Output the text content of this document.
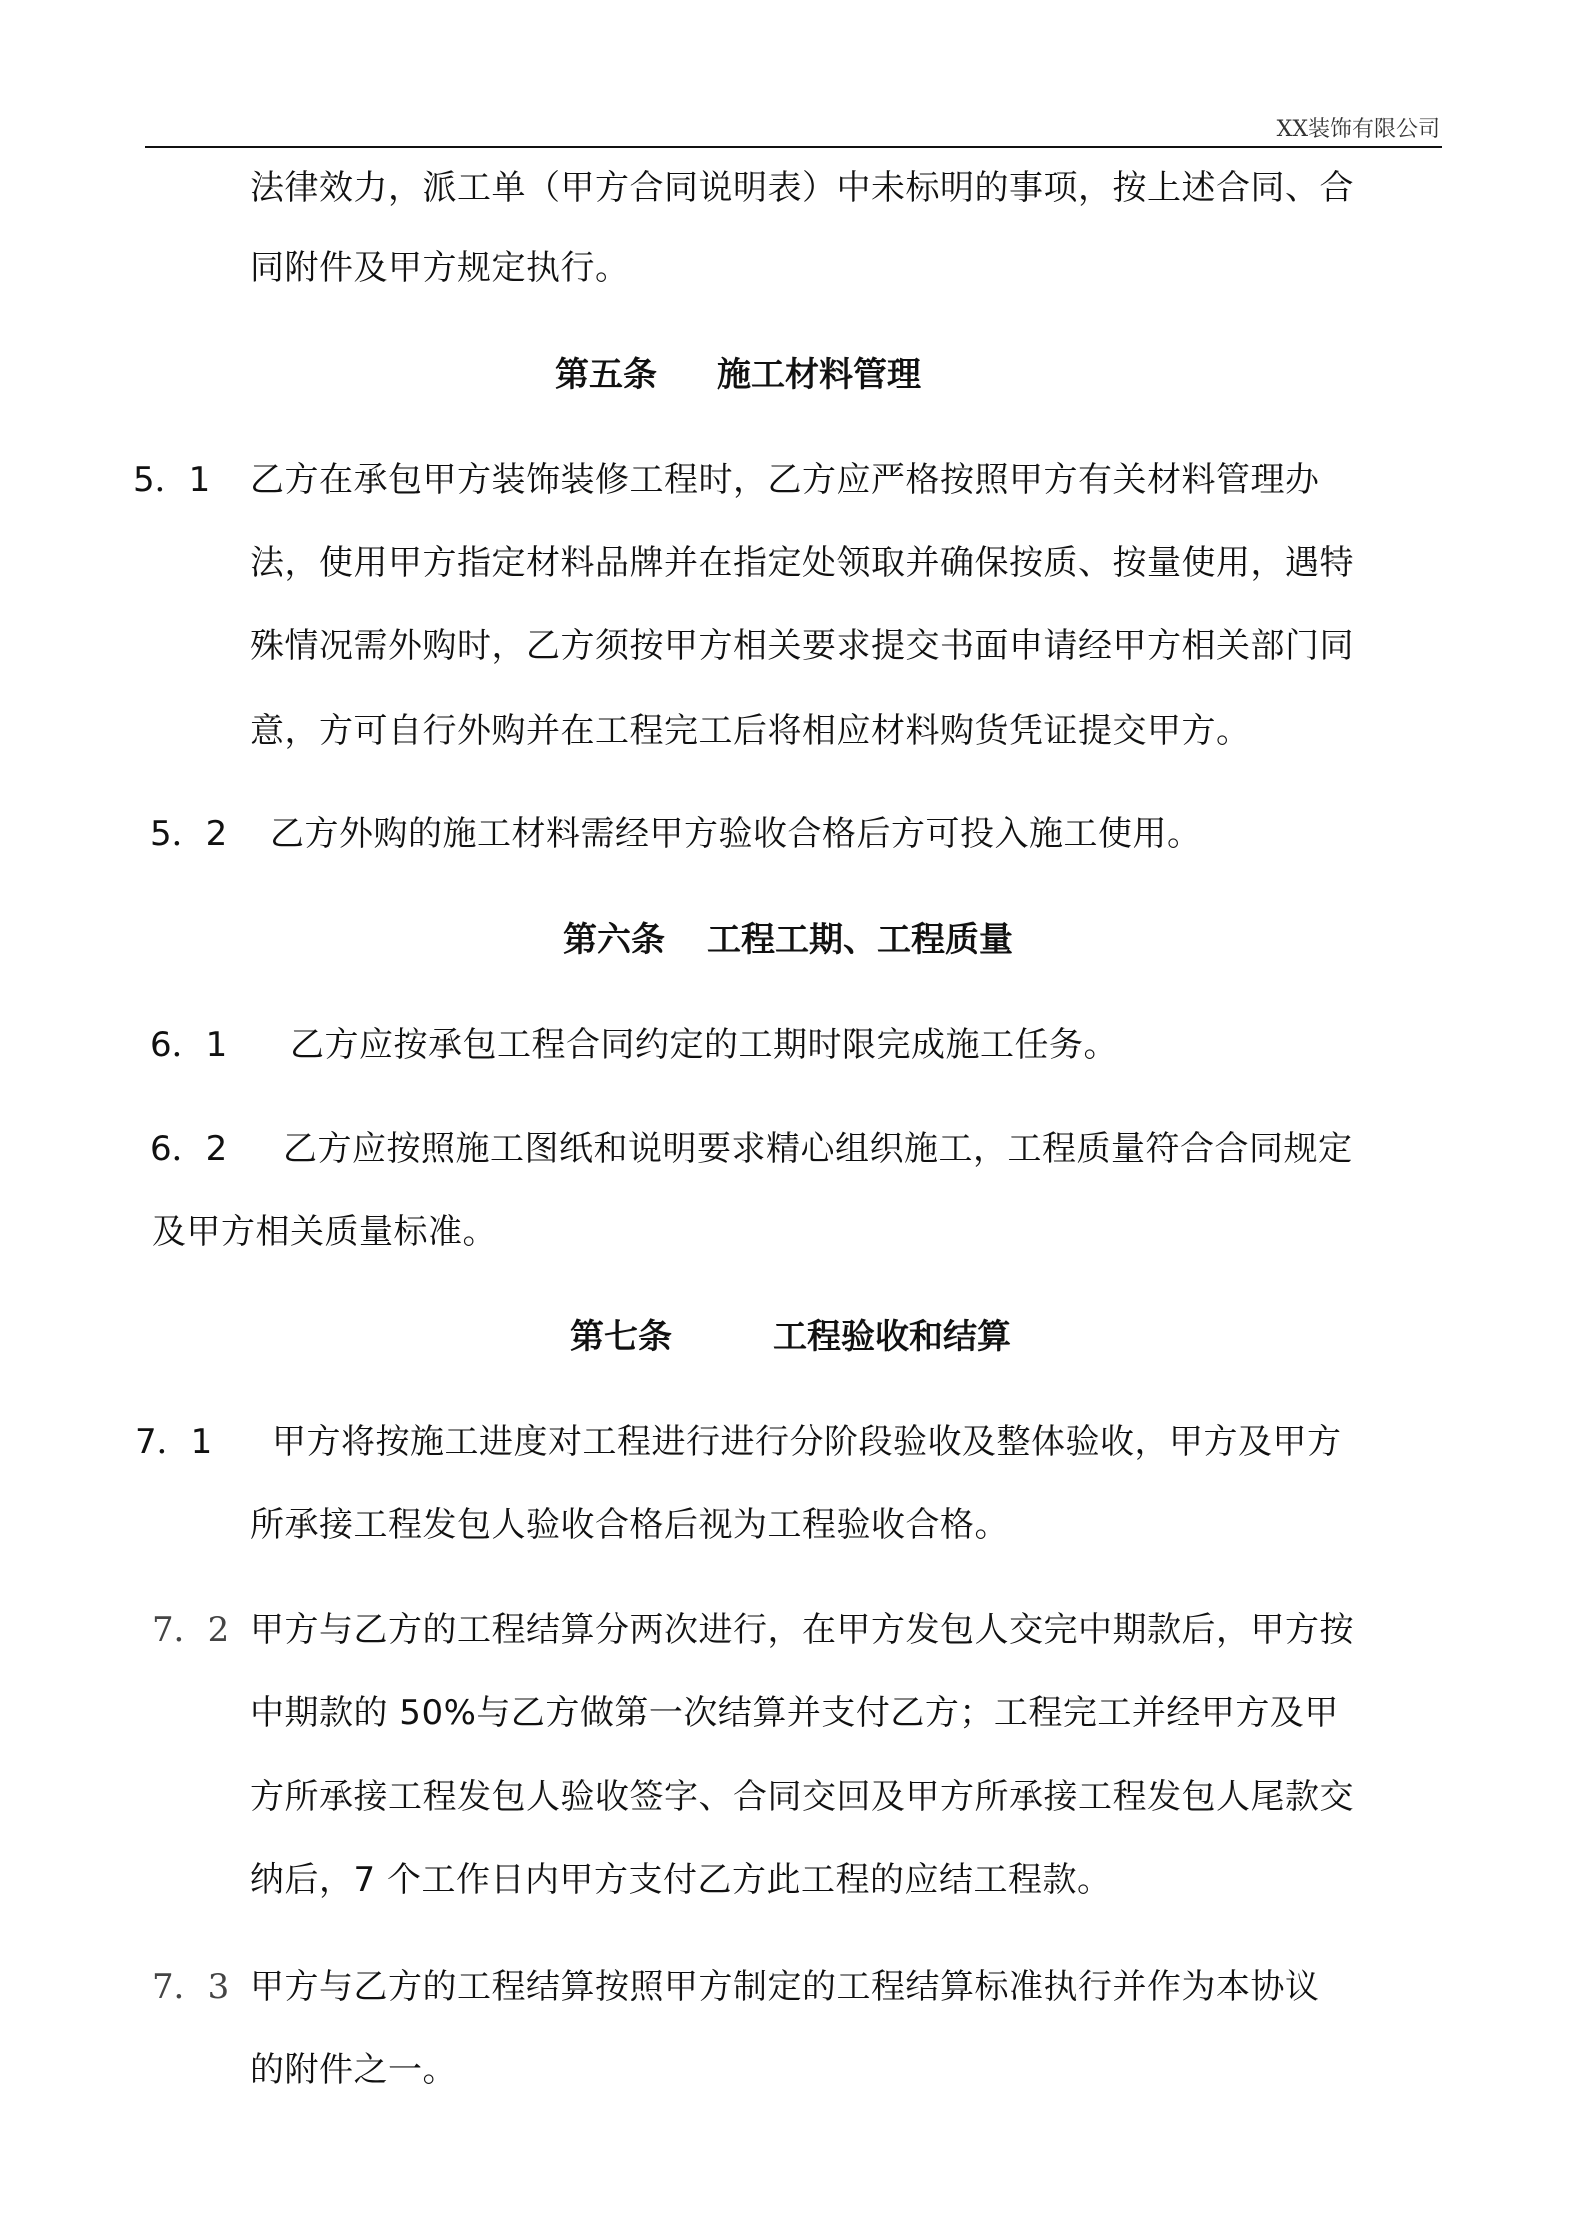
XX装饰有限公司
法律效力，派工单（甲方合同说明表）中未标明的事项，按上述合同、合
同附件及甲方规定执行。
第五条 施工材料管理
5．1 乙方在承包甲方装饰装修工程时，乙方应严格按照甲方有关材料管理办
法，使用甲方指定材料品牌并在指定处领取并确保按质、按量使用，遇特
殊情况需外购时，乙方须按甲方相关要求提交书面申请经甲方相关部门同
意，方可自行外购并在工程完工后将相应材料购货凭证提交甲方。
5．2 乙方外购的施工材料需经甲方验收合格后方可投入施工使用。
第六条 工程工期、工程质量
6．1 乙方应按承包工程合同约定的工期时限完成施工任务。
6．2 乙方应按照施工图纸和说明要求精心组织施工，工程质量符合合同规定
及甲方相关质量标准。
第七条	工程验收和结算
7．1 甲方将按施工进度对工程进行进行分阶段验收及整体验收，甲方及甲方
所承接工程发包人验收合格后视为工程验收合格。
7．2 甲方与乙方的工程结算分两次进行，在甲方发包人交完中期款后，甲方按
中期款的 50%与乙方做第一次结算并支付乙方；工程完工并经甲方及甲
方所承接工程发包人验收签字、合同交回及甲方所承接工程发包人尾款交
纳后，7 个工作日内甲方支付乙方此工程的应结工程款。
7．3 甲方与乙方的工程结算按照甲方制定的工程结算标准执行并作为本协议
的附件之一。
